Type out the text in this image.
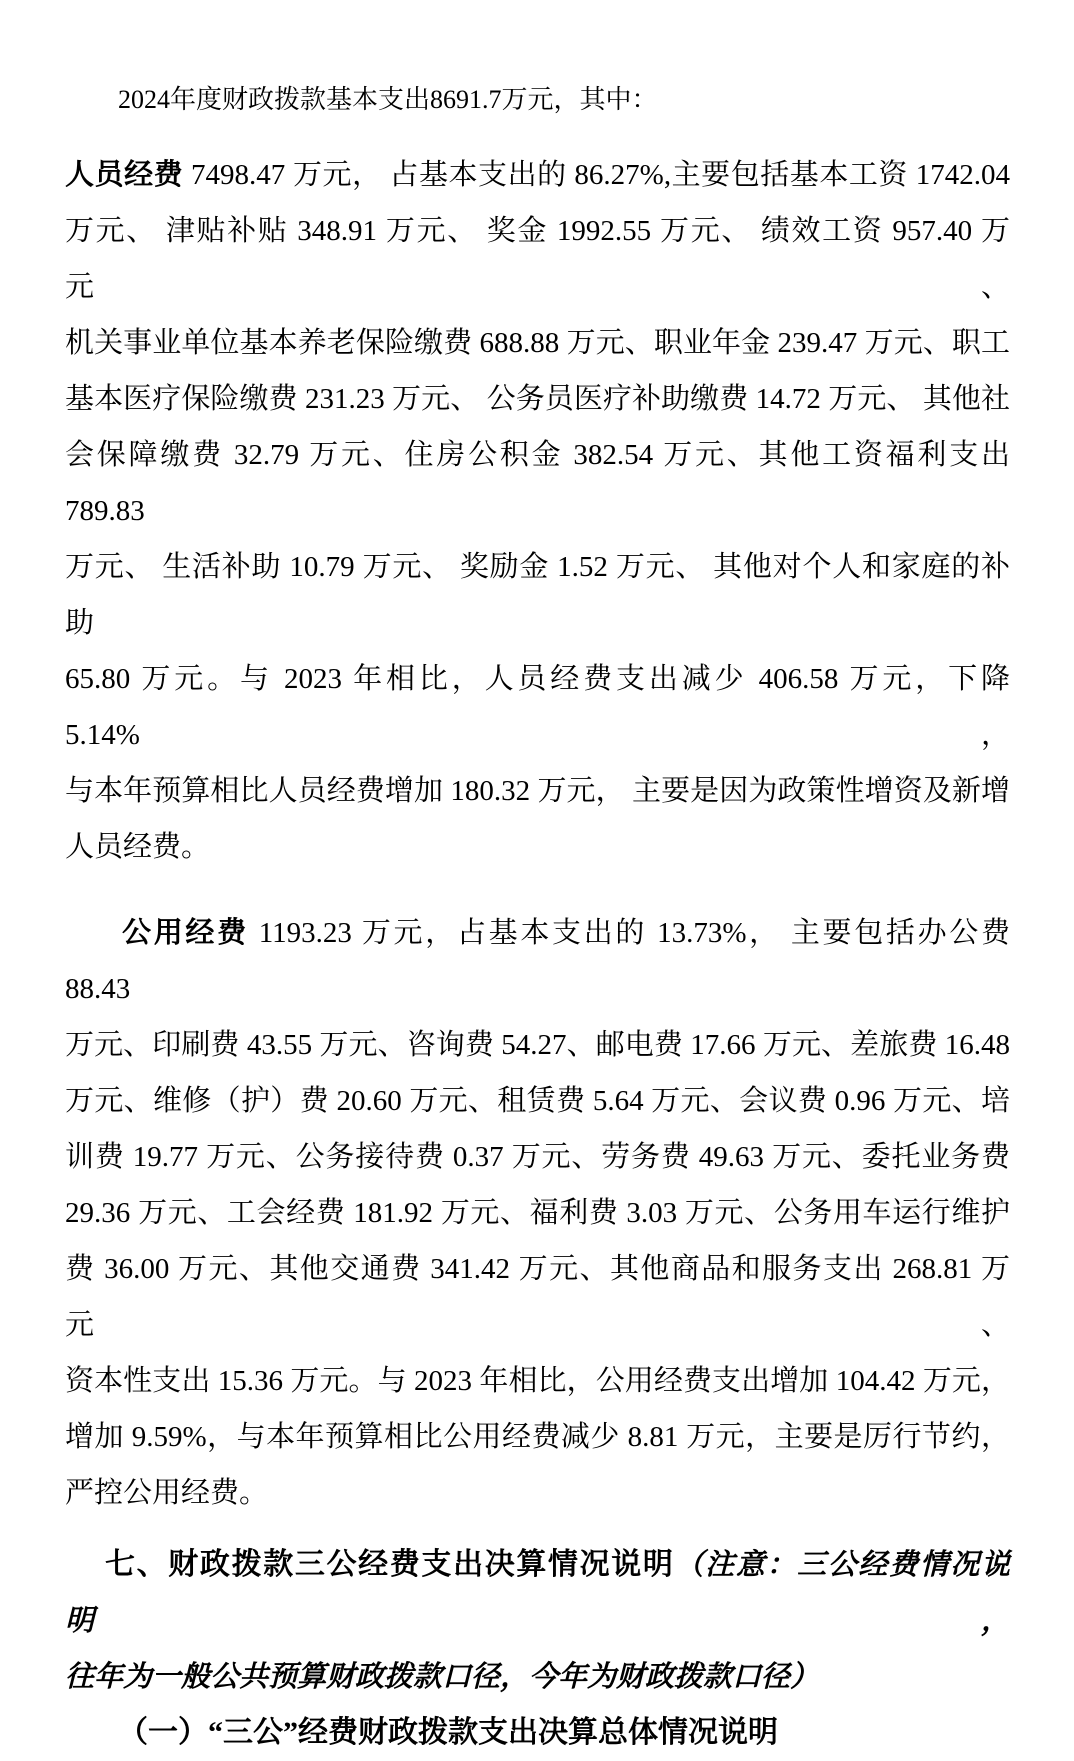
2024年度财政拨款基本支出8691.7万元，其中：

人员经费 7498.47 万元， 占基本支出的 86.27%,主要包括基本工资 1742.04
万元、 津贴补贴 348.91 万元、 奖金 1992.55 万元、 绩效工资 957.40 万元、
机关事业单位基本养老保险缴费 688.88 万元、职业年金 239.47 万元、职工
基本医疗保险缴费 231.23 万元、 公务员医疗补助缴费 14.72 万元、 其他社
会保障缴费 32.79 万元、住房公积金 382.54 万元、其他工资福利支出 789.83
万元、 生活补助 10.79 万元、 奖励金 1.52 万元、 其他对个人和家庭的补助
65.80 万元。与 2023 年相比，人员经费支出减少 406.58 万元，下降 5.14%，
与本年预算相比人员经费增加 180.32 万元， 主要是因为政策性增资及新增
人员经费。
公用经费 1193.23 万元，占基本支出的 13.73%， 主要包括办公费 88.43
万元、印刷费 43.55 万元、咨询费 54.27、邮电费 17.66 万元、差旅费 16.48
万元、维修（护）费 20.60 万元、租赁费 5.64 万元、会议费 0.96 万元、培
训费 19.77 万元、公务接待费 0.37 万元、劳务费 49.63 万元、委托业务费
29.36 万元、工会经费 181.92 万元、福利费 3.03 万元、公务用车运行维护
费 36.00 万元、其他交通费 341.42 万元、其他商品和服务支出 268.81 万元、
资本性支出 15.36 万元。与 2023 年相比，公用经费支出增加 104.42 万元，
增加 9.59%，与本年预算相比公用经费减少 8.81 万元，主要是厉行节约，
严控公用经费。
七、财政拨款三公经费支出决算情况说明（注意：三公经费情况说明，
往年为一般公共预算财政拨款口径，今年为财政拨款口径）
（一）“三公”经费财政拨款支出决算总体情况说明
